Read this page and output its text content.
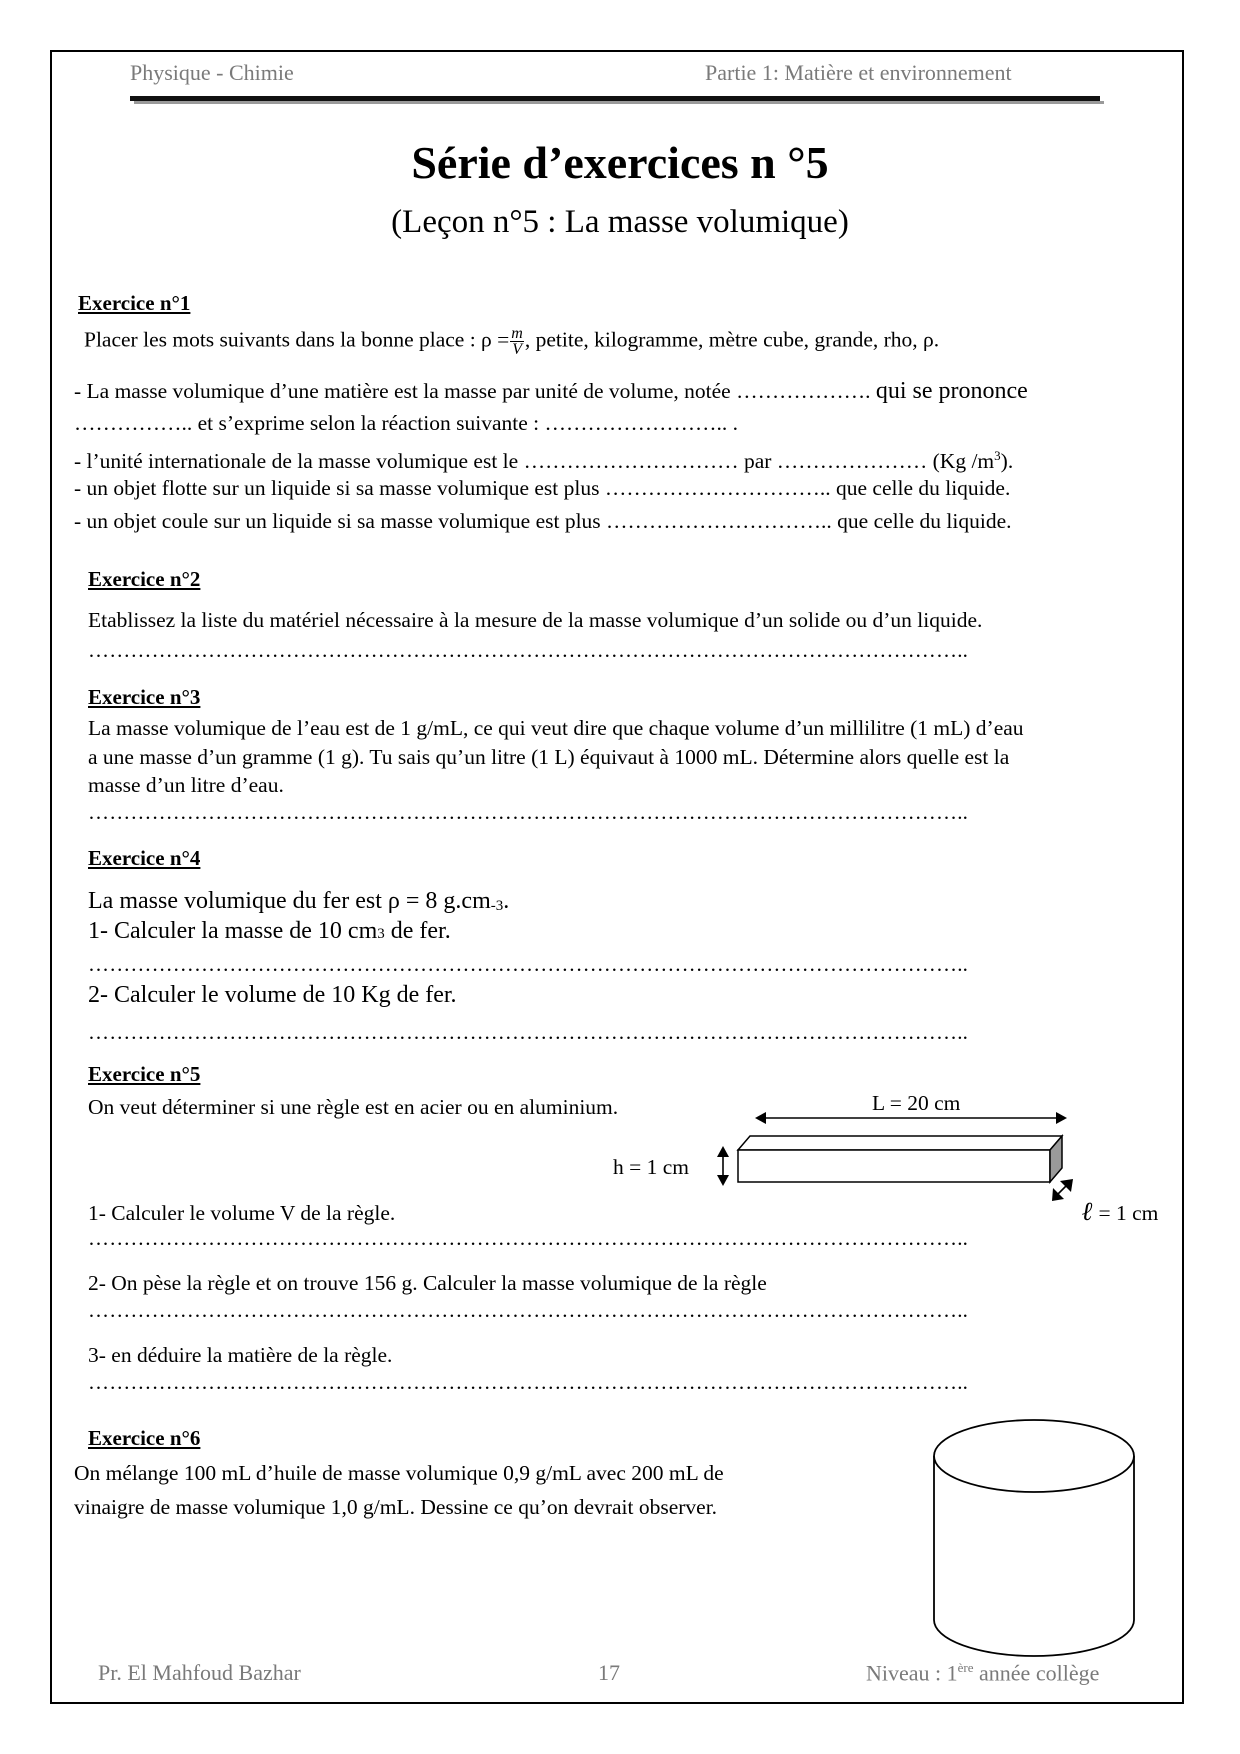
Physique - Chimie	Partie 1: Matière et environnement
Série d’exercices n °5
(Leçon n°5 : La masse volumique)
Exercice n°1
Placer les mots suivants dans la bonne place : $\rho = \frac{m}{V}$ , petite, kilogramme, mètre cube, grande, rho, ρ.
- La masse volumique d’une matière est la masse par unité de volume, notée ………………. qui se prononce
…………….. et s’exprime selon la réaction suivante : …………………….. .
- l’unité internationale de la masse volumique est le ………………………… par ………………… (Kg $/m^3$).
- un objet flotte sur un liquide si sa masse volumique est plus ………………………….. que celle du liquide.
- un objet coule sur un liquide si sa masse volumique est plus ………………………….. que celle du liquide.
Exercice n°2
Etablissez la liste du matériel nécessaire à la mesure de la masse volumique d’un solide ou d’un liquide.
……………………………………………………………………………………………………………..
Exercice n°3
La masse volumique de l’eau est de 1 g/mL, ce qui veut dire que chaque volume d’un millilitre (1 mL) d’eau
a une masse d’un gramme (1 g). Tu sais qu’un litre (1 L) équivaut à 1000 mL. Détermine alors quelle est la
masse d’un litre d’eau.
……………………………………………………………………………………………………………..
Exercice n°4
La masse volumique du fer est ρ = 8 $g.cm^{-3}$.
1- Calculer la masse de 10 cm3 de fer.
……………………………………………………………………………………………………………..
2- Calculer le volume de 10 Kg de fer.
……………………………………………………………………………………………………………..
Exercice n°5
On veut déterminer si une règle est en acier ou en aluminium.	L = 20 cm
h = 1 cm
ℓ = 1 cm
1- Calculer le volume V de la règle.
……………………………………………………………………………………………………………..
2- On pèse la règle et on trouve 156 g. Calculer la masse volumique de la règle
……………………………………………………………………………………………………………..
3- en déduire la matière de la règle.
……………………………………………………………………………………………………………..
Exercice n°6
On mélange 100 mL d’huile de masse volumique 0,9 g/mL avec 200 mL de
vinaigre de masse volumique 1,0 g/mL. Dessine ce qu’on devrait observer.
Pr. El Mahfoud Bazhar	17	Niveau : 1ère année collège
